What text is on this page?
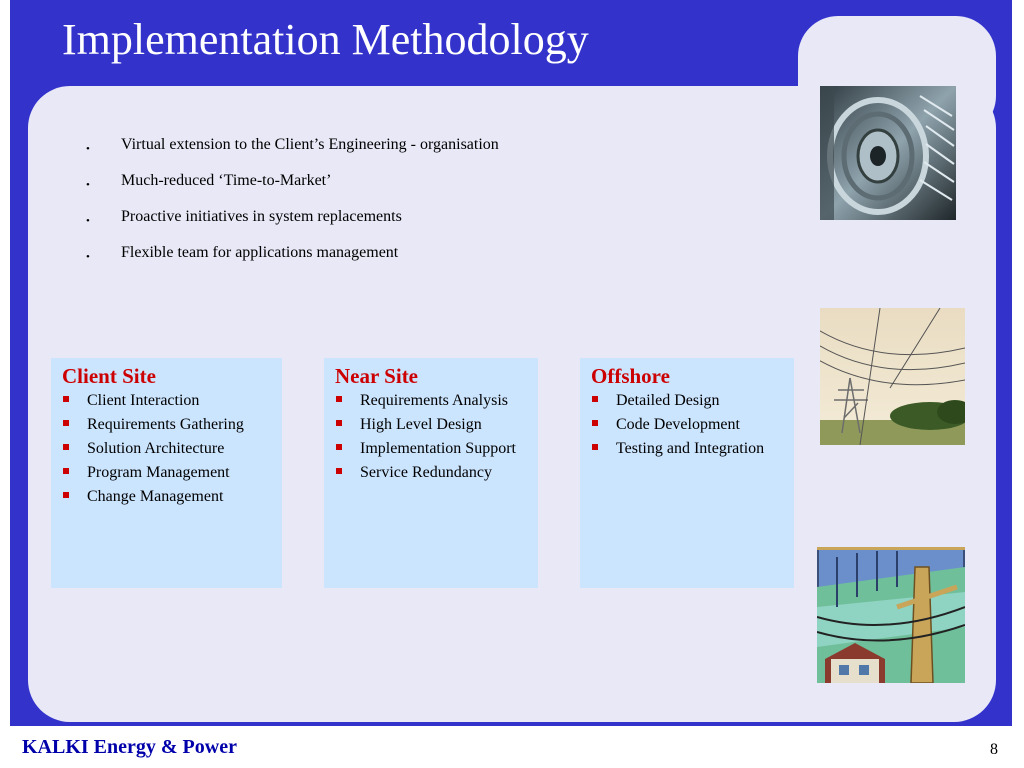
Implementation Methodology
• Virtual extension to the Client’s Engineering - organisation
• Much-reduced ‘Time-to-Market’
• Proactive initiatives in system replacements
• Flexible team for applications management
Client Site
Client Interaction
Requirements Gathering
Solution Architecture
Program Management
Change Management
Near Site
Requirements Analysis
High Level Design
Implementation Support
Service Redundancy
Offshore
Detailed Design
Code Development
Testing and Integration

KALKI Energy & Power	8
